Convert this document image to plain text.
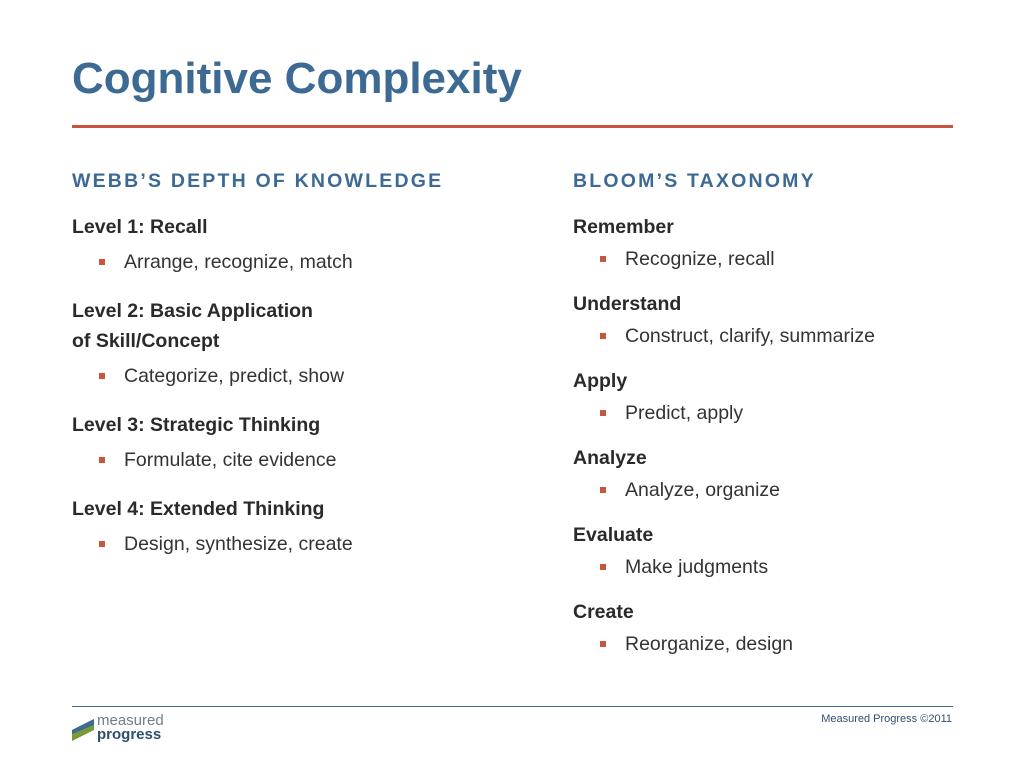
Cognitive Complexity
WEBB’S DEPTH OF KNOWLEDGE
Level 1: Recall
Arrange, recognize, match
Level 2: Basic Application
of Skill/Concept
Categorize, predict, show
Level 3: Strategic Thinking
Formulate, cite evidence
Level 4: Extended Thinking
Design, synthesize, create
BLOOM’S TAXONOMY
Remember
Recognize, recall
Understand
Construct, clarify, summarize
Apply
Predict, apply
Analyze
Analyze, organize
Evaluate
Make judgments
Create
Reorganize, design
measured
progress
Measured Progress ©2011
